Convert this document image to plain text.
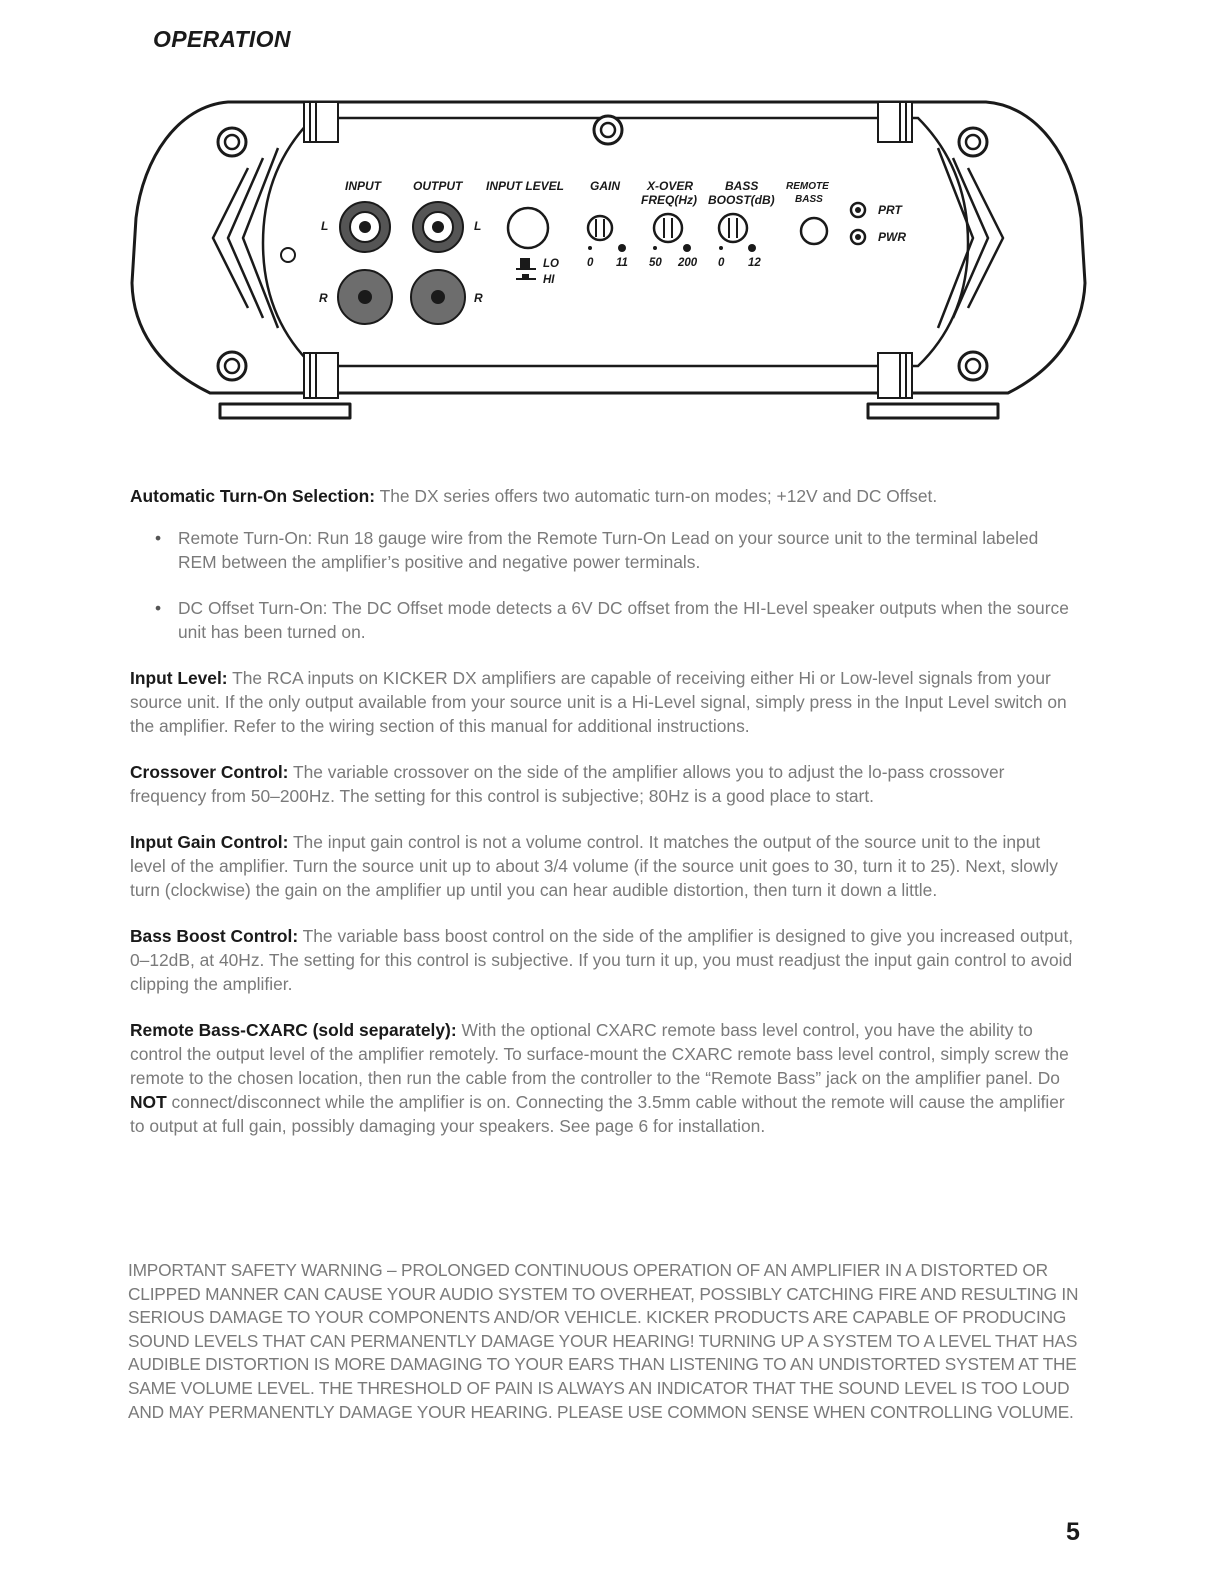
OPERATION
INPUT	OUTPUT INPUT LEVEL GAIN X-OVER
FREQ(Hz)
BASS
BOOST(dB)
REMOTE
BASS
L
R
L
R
LO
HI
0 11 50 200 0 12
PRT
PWR

Automatic Turn-On Selection: The DX series offers two automatic turn-on modes; +12V and DC Offset.

• Remote Turn-On: Run 18 gauge wire from the Remote Turn-On Lead on your source unit to the terminal labeled REM between the amplifier’s positive and negative power terminals.
• DC Offset Turn-On: The DC Offset mode detects a 6V DC offset from the HI-Level speaker outputs when the source unit has been turned on.

Input Level: The RCA inputs on KICKER DX amplifiers are capable of receiving either Hi or Low-level signals from your source unit. If the only output available from your source unit is a Hi-Level signal, simply press in the Input Level switch on the amplifier. Refer to the wiring section of this manual for additional instructions.

Crossover Control: The variable crossover on the side of the amplifier allows you to adjust the lo-pass crossover frequency from 50–200Hz. The setting for this control is subjective; 80Hz is a good place to start.

Input Gain Control: The input gain control is not a volume control. It matches the output of the source unit to the input level of the amplifier. Turn the source unit up to about 3/4 volume (if the source unit goes to 30, turn it to 25). Next, slowly turn (clockwise) the gain on the amplifier up until you can hear audible distortion, then turn it down a little.

Bass Boost Control: The variable bass boost control on the side of the amplifier is designed to give you increased output, 0–12dB, at 40Hz. The setting for this control is subjective. If you turn it up, you must readjust the input gain control to avoid clipping the amplifier.

Remote Bass-CXARC (sold separately): With the optional CXARC remote bass level control, you have the ability to control the output level of the amplifier remotely. To surface-mount the CXARC remote bass level control, simply screw the remote to the chosen location, then run the cable from the controller to the “Remote Bass” jack on the amplifier panel. Do NOT connect/disconnect while the amplifier is on. Connecting the 3.5mm cable without the remote will cause the amplifier to output at full gain, possibly damaging your speakers. See page 6 for installation.

IMPORTANT SAFETY WARNING – PROLONGED CONTINUOUS OPERATION OF AN AMPLIFIER IN A DISTORTED OR CLIPPED MANNER CAN CAUSE YOUR AUDIO SYSTEM TO OVERHEAT, POSSIBLY CATCHING FIRE AND RESULTING IN SERIOUS DAMAGE TO YOUR COMPONENTS AND/OR VEHICLE. KICKER PRODUCTS ARE CAPABLE OF PRODUCING SOUND LEVELS THAT CAN PERMANENTLY DAMAGE YOUR HEARING! TURNING UP A SYSTEM TO A LEVEL THAT HAS AUDIBLE DISTORTION IS MORE DAMAGING TO YOUR EARS THAN LISTENING TO AN UNDISTORTED SYSTEM AT THE SAME VOLUME LEVEL. THE THRESHOLD OF PAIN IS ALWAYS AN INDICATOR THAT THE SOUND LEVEL IS TOO LOUD AND MAY PERMANENTLY DAMAGE YOUR HEARING. PLEASE USE COMMON SENSE WHEN CONTROLLING VOLUME.

5
